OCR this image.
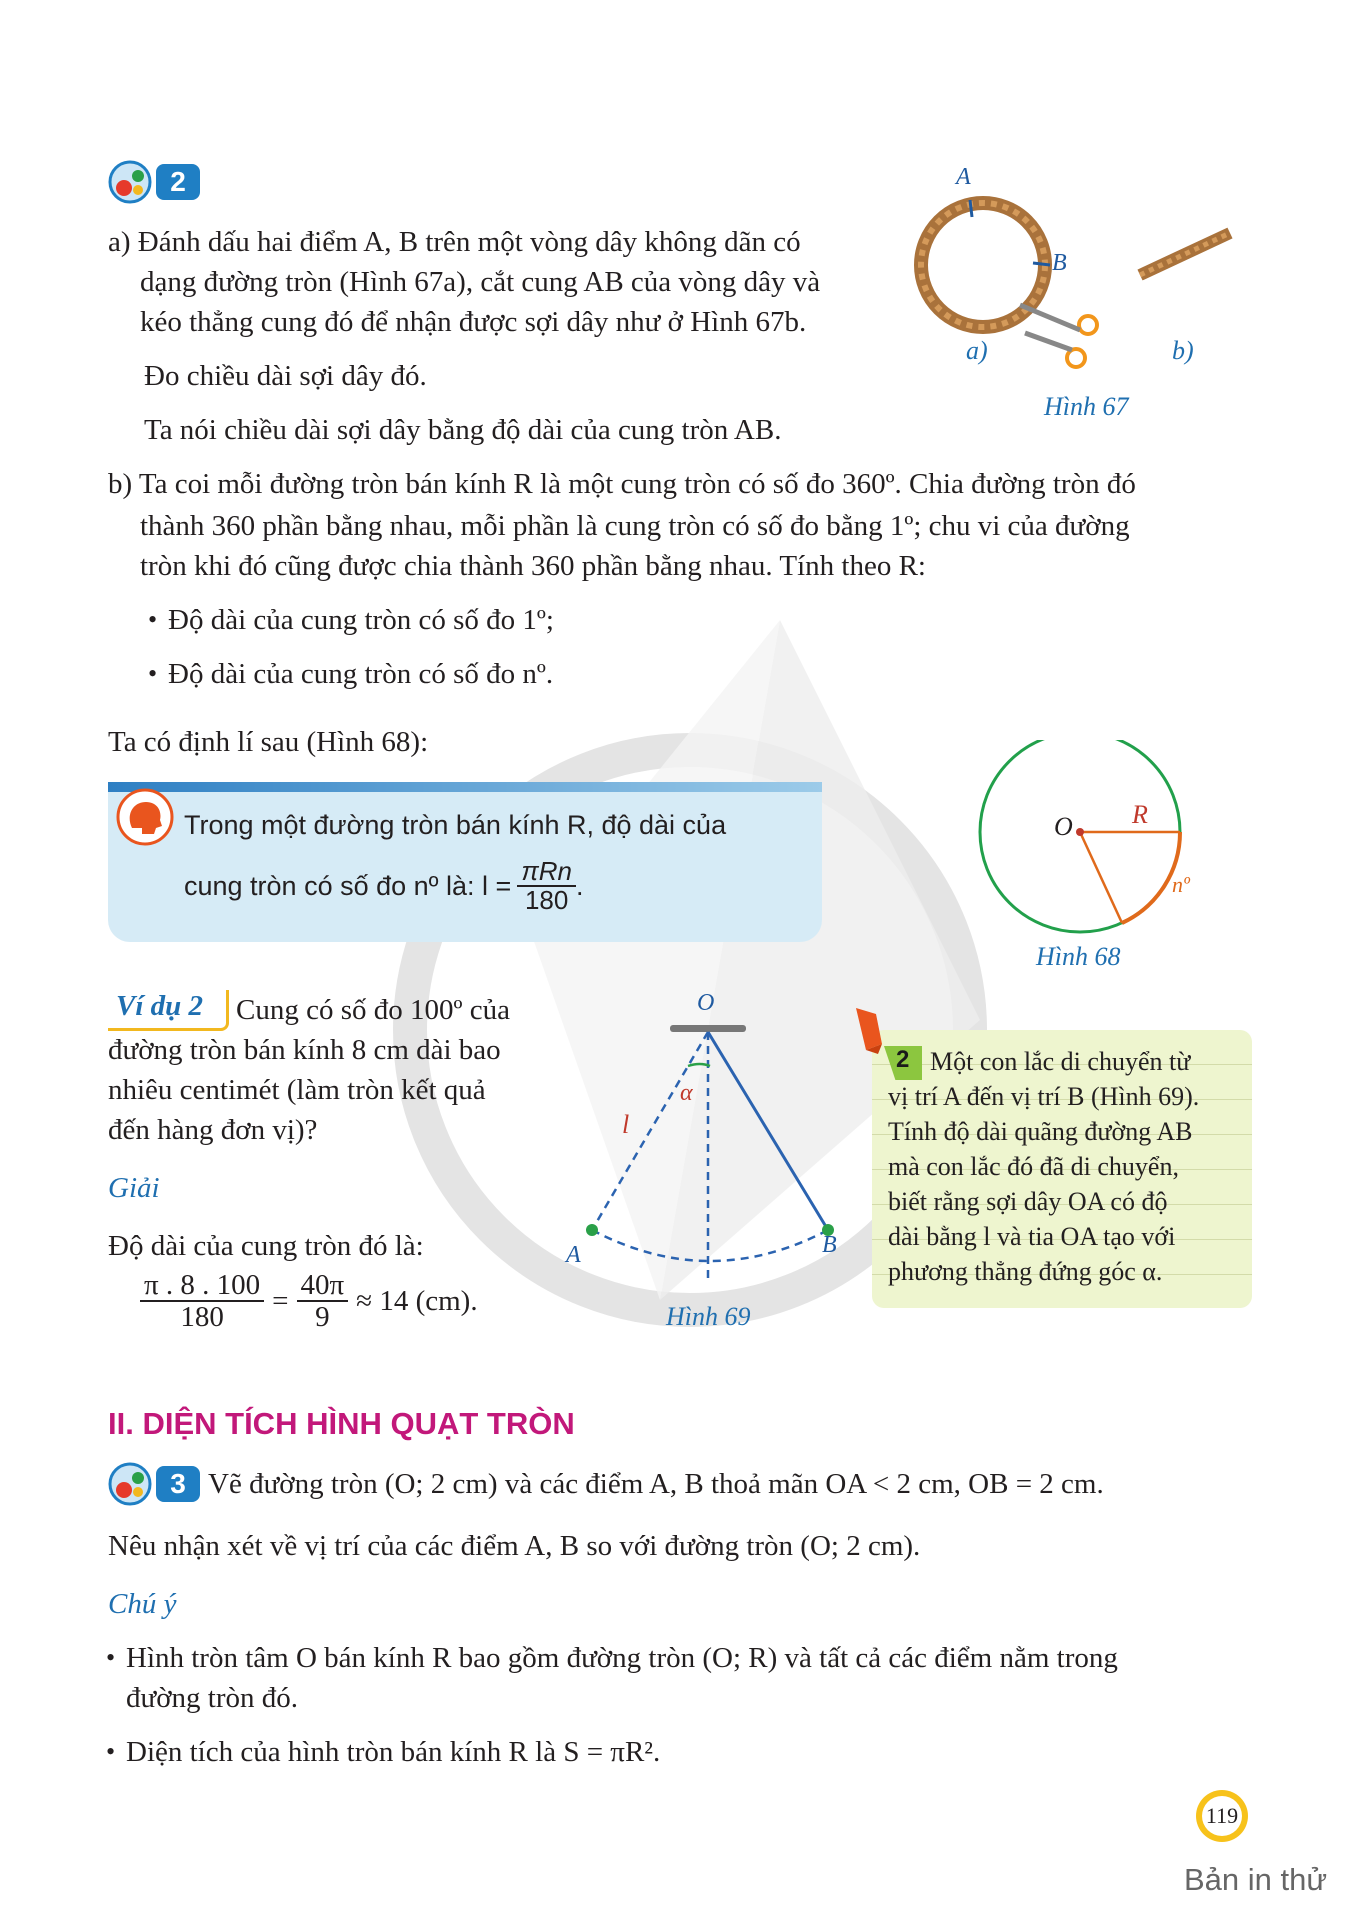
2
a) Đánh dấu hai điểm A, B trên một vòng dây không dãn có
dạng đường tròn (Hình 67a), cắt cung AB của vòng dây và
kéo thẳng cung đó để nhận được sợi dây như ở Hình 67b.
Đo chiều dài sợi dây đó.
Ta nói chiều dài sợi dây bằng độ dài của cung tròn AB.
b) Ta coi mỗi đường tròn bán kính R là một cung tròn có số đo 360º. Chia đường tròn đó
thành 360 phần bằng nhau, mỗi phần là cung tròn có số đo bằng 1º; chu vi của đường
tròn khi đó cũng được chia thành 360 phần bằng nhau. Tính theo R:
• Độ dài của cung tròn có số đo 1º;
• Độ dài của cung tròn có số đo nº.
A
B
a)	b)
Hình 67
Ta có định lí sau (Hình 68):
Trong một đường tròn bán kính R, độ dài của
cung tròn có số đo nº là: $l = \frac{\text{πRn}}{180}$ .
O R
nº
Hình 68
Ví dụ 2 Cung có số đo 100º của
đường tròn bán kính 8 cm dài bao
nhiêu centimét (làm tròn kết quả
đến hàng đơn vị)?
Giải
Độ dài của cung tròn đó là:
$\frac{\pi . 8 . 100}{180} = \frac{40\pi}{9} \approx 14$ (cm).
O
α
l
A	B
Hình 69
2 Một con lắc di chuyển từ
vị trí A đến vị trí B (Hình 69).
Tính độ dài quãng đường AB
mà con lắc đó đã di chuyển,
biết rằng sợi dây OA có độ
dài bằng l và tia OA tạo với
phương thẳng đứng góc α.
II. DIỆN TÍCH HÌNH QUẠT TRÒN
3 Vẽ đường tròn (O; 2 cm) và các điểm A, B thoả mãn OA < 2 cm, OB = 2 cm.
Nêu nhận xét về vị trí của các điểm A, B so với đường tròn (O; 2 cm).
Chú ý
• Hình tròn tâm O bán kính R bao gồm đường tròn (O; R) và tất cả các điểm nằm trong
đường tròn đó.
• Diện tích của hình tròn bán kính R là S = πR².
119
Bản in thử
